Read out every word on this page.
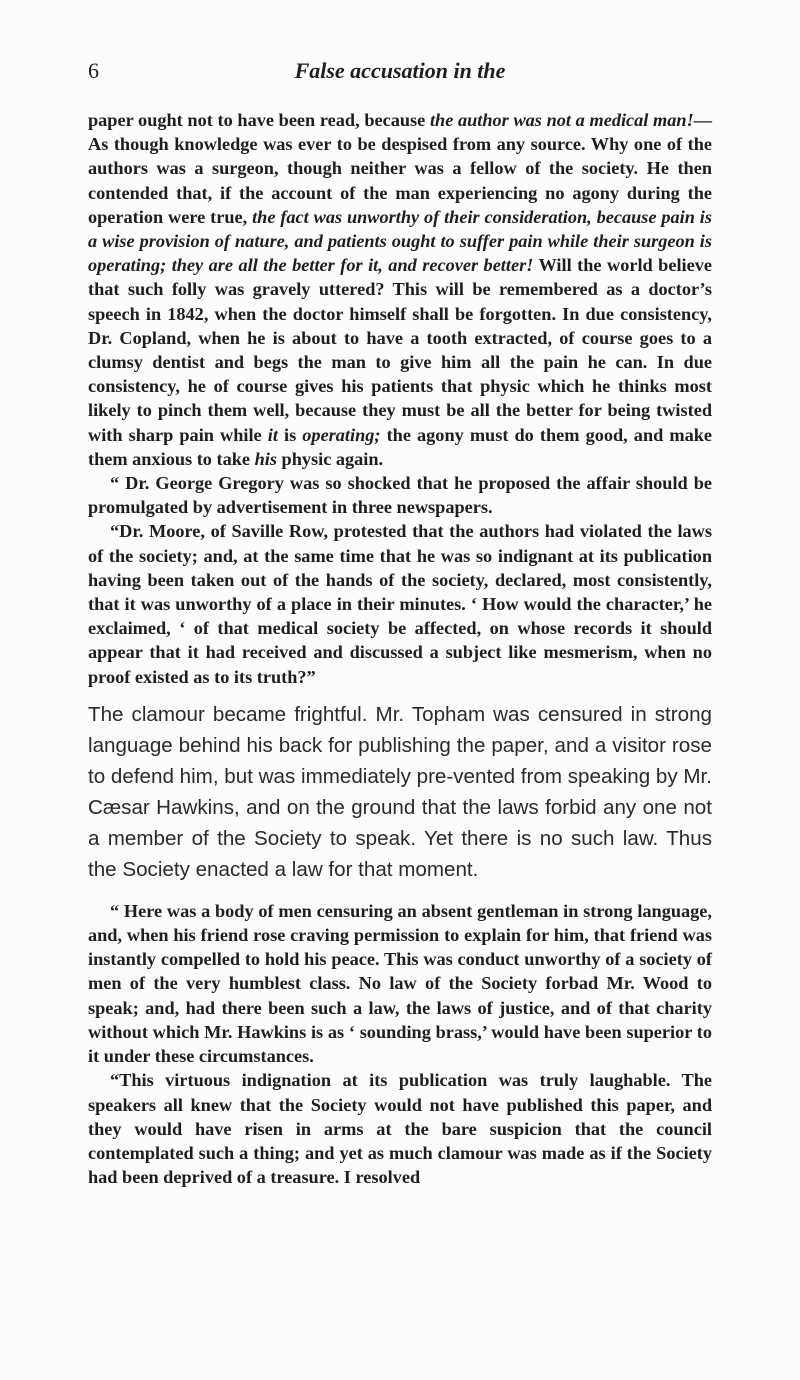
6	False accusation in the

paper ought not to have been read, because the author was not a medical man!—As though knowledge was ever to be despised from any source. Why one of the authors was a surgeon, though neither was a fellow of the society. He then contended that, if the account of the man experiencing no agony during the operation were true, the fact was unworthy of their consideration, because pain is a wise provision of nature, and patients ought to suffer pain while their surgeon is operating; they are all the better for it, and recover better! Will the world believe that such folly was gravely uttered? This will be remembered as a doctor’s speech in 1842, when the doctor himself shall be forgotten. In due consistency, Dr. Copland, when he is about to have a tooth extracted, of course goes to a clumsy dentist and begs the man to give him all the pain he can. In due consistency, he of course gives his patients that physic which he thinks most likely to pinch them well, because they must be all the better for being twisted with sharp pain while it is operating; the agony must do them good, and make them anxious to take his physic again.

“ Dr. George Gregory was so shocked that he proposed the affair should be promulgated by advertisement in three newspapers.

“Dr. Moore, of Saville Row, protested that the authors had violated the laws of the society; and, at the same time that he was so indignant at its publication having been taken out of the hands of the society, declared, most consistently, that it was unworthy of a place in their minutes. ‘ How would the character,’ he exclaimed, ‘ of that medical society be affected, on whose records it should appear that it had received and discussed a subject like mesmerism, when no proof existed as to its truth?”

The clamour became frightful. Mr. Topham was censured in strong language behind his back for publishing the paper, and a visitor rose to defend him, but was immediately pre-vented from speaking by Mr. Cæsar Hawkins, and on the ground that the laws forbid any one not a member of the Society to speak. Yet there is no such law. Thus the Society enacted a law for that moment.

“ Here was a body of men censuring an absent gentleman in strong language, and, when his friend rose craving permission to explain for him, that friend was instantly compelled to hold his peace. This was conduct unworthy of a society of men of the very humblest class. No law of the Society forbad Mr. Wood to speak; and, had there been such a law, the laws of justice, and of that charity without which Mr. Hawkins is as ‘ sounding brass,’ would have been superior to it under these circumstances.

“This virtuous indignation at its publication was truly laughable. The speakers all knew that the Society would not have published this paper, and they would have risen in arms at the bare suspicion that the council contemplated such a thing; and yet as much clamour was made as if the Society had been deprived of a treasure. I resolved
